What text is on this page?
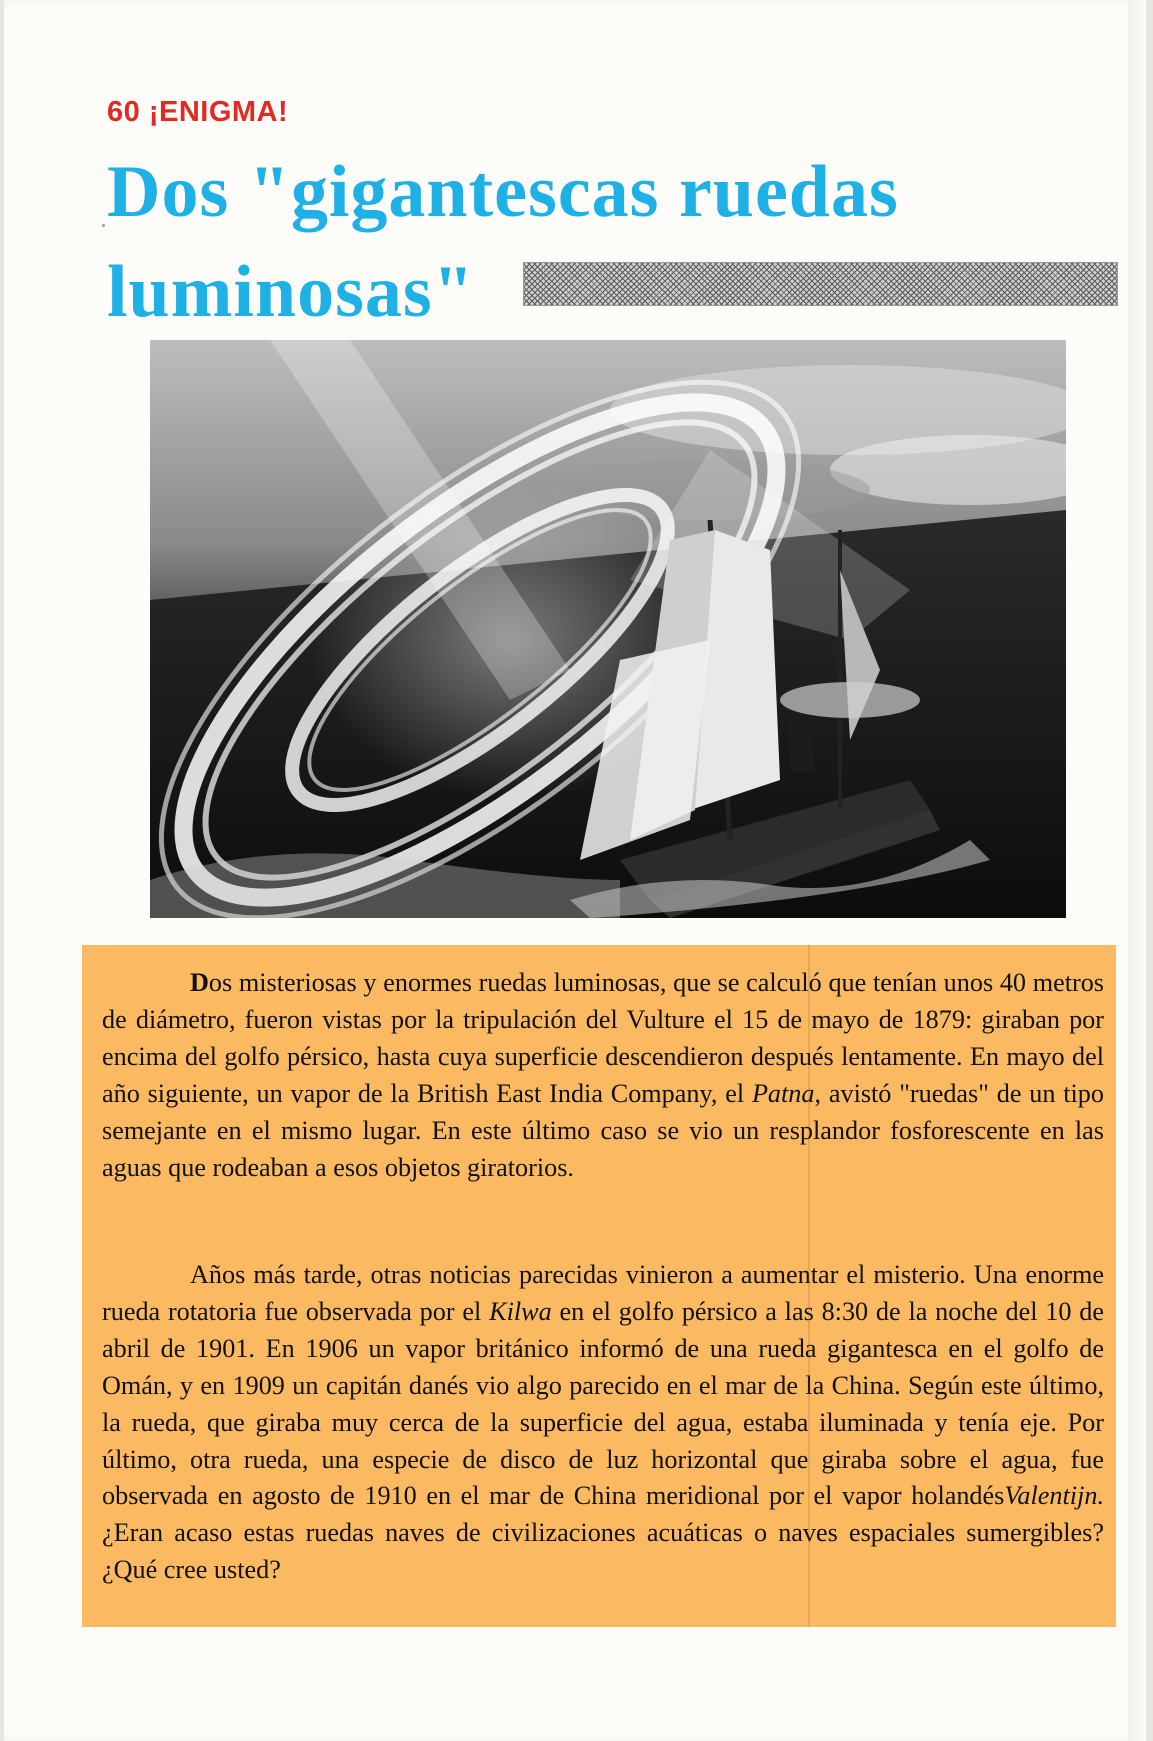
60 ¡ENIGMA!
Dos "gigantescas ruedas
luminosas"

Dos misteriosas y enormes ruedas luminosas, que se calculó que tenían unos 40 metros de diámetro, fueron vistas por la tripulación del Vulture el 15 de mayo de 1879: giraban por encima del golfo pérsico, hasta cuya superficie descendieron después lentamente. En mayo del año siguiente, un vapor de la British East India Company, el Patna, avistó "ruedas" de un tipo semejante en el mismo lugar. En este último caso se vio un resplandor fosforescente en las aguas que rodeaban a esos objetos giratorios.

Años más tarde, otras noticias parecidas vinieron a aumentar el misterio. Una enorme rueda rotatoria fue observada por el Kilwa en el golfo pérsico a las 8:30 de la noche del 10 de abril de 1901. En 1906 un vapor británico informó de una rueda gigantesca en el golfo de Omán, y en 1909 un capitán danés vio algo parecido en el mar de la China. Según este último, la rueda, que giraba muy cerca de la superficie del agua, estaba iluminada y tenía eje. Por último, otra rueda, una especie de disco de luz horizontal que giraba sobre el agua, fue observada en agosto de 1910 en el mar de China meridional por el vapor holandésValentijn. ¿Eran acaso estas ruedas naves de civilizaciones acuáticas o naves espaciales sumergibles?¿Qué cree usted?
